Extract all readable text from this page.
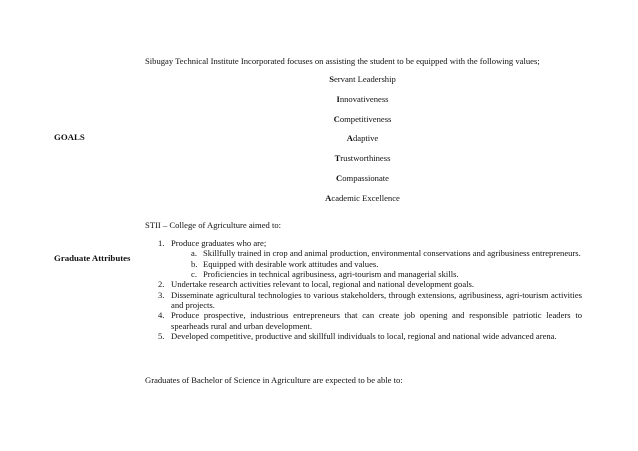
GOALS
Graduate Attributes
Sibugay Technical Institute Incorporated focuses on assisting the student to be equipped with the following values;
Servant Leadership
Innovativeness
Competitiveness
Adaptive
Trustworthiness
Compassionate
Academic Excellence
STII – College of Agriculture aimed to:
1. Produce graduates who are;
a. Skillfully trained in crop and animal production, environmental conservations and agribusiness entrepreneurs.
b. Equipped with desirable work attitudes and values.
c. Proficiencies in technical agribusiness, agri-tourism and managerial skills.
2. Undertake research activities relevant to local, regional and national development goals.
3. Disseminate agricultural technologies to various stakeholders, through extensions, agribusiness, agri-tourism activities and projects.
4. Produce prospective, industrious entrepreneurs that can create job opening and responsible patriotic leaders to spearheads rural and urban development.
5. Developed competitive, productive and skillfull individuals to local, regional and national wide advanced arena.
Graduates of Bachelor of Science in Agriculture are expected to be able to:
